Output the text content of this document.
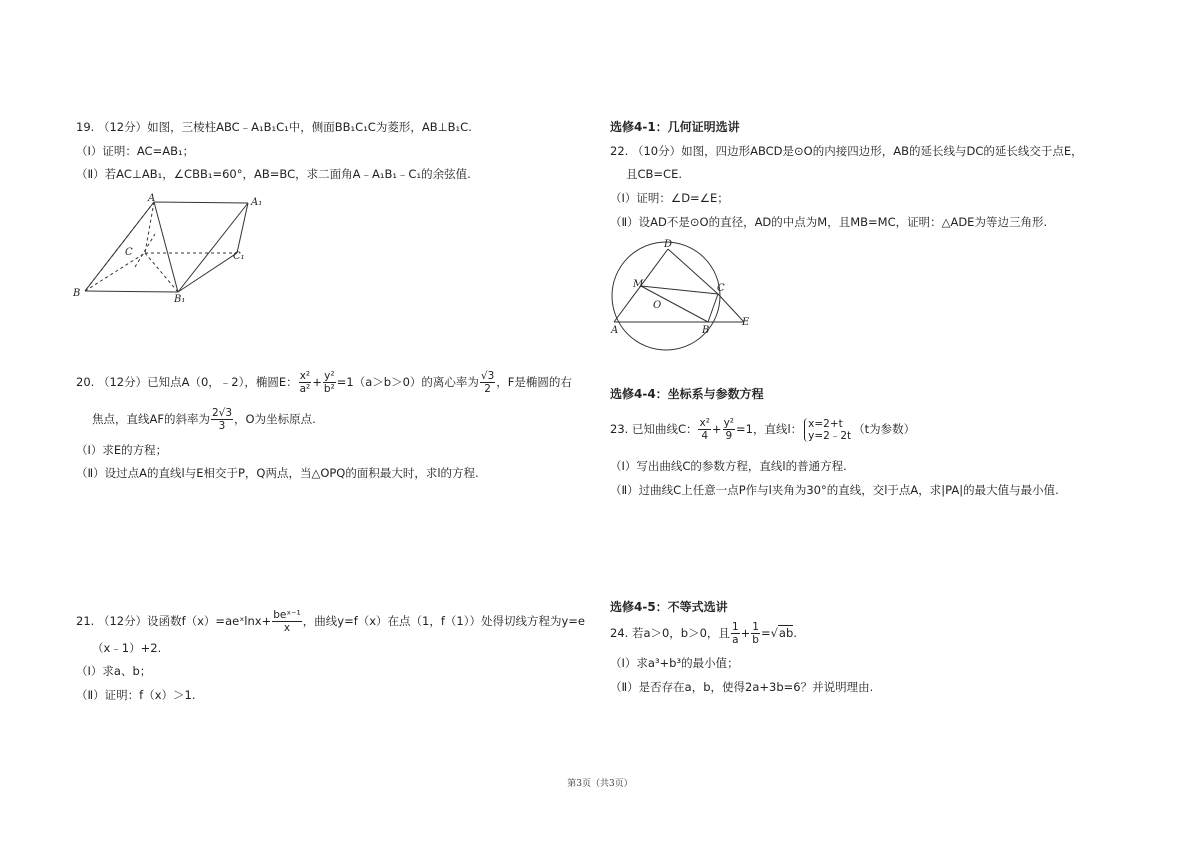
19. （12分）如图，三棱柱ABC﹣A₁B₁C₁中，侧面BB₁C₁C为菱形，AB⊥B₁C.
（Ⅰ）证明：AC=AB₁；
（Ⅱ）若AC⊥AB₁，∠CBB₁=60°，AB=BC，求二面角A﹣A₁B₁﹣C₁的余弦值.
A	A₁
C	C₁
B
B₁
20. （12分）已知点A（0，﹣2），椭圆E： $\frac{\text{x²}}{\text{a²}} + \frac{\text{y²}}{\text{b²}} =1(a>b>0)$的离心率为 $\frac{√3}{2}$ ，F是椭圆的右
焦点，直线AF的斜率为 $\frac{2√3}{3}$ ，O为坐标原点.
（Ⅰ）求E的方程；
（Ⅱ）设过点A的直线l与E相交于P，Q两点，当△OPQ的面积最大时，求l的方程.
21. （12分）设函数f（x）=aeˣlnx+ $\frac{\text{beˣ⁻¹}}{x}$ ，曲线y=f（x）在点（1，f（1））处得切线方程为y=e
（x﹣1）+2.
（Ⅰ）求a、b；
（Ⅱ）证明：f（x）＞1.
选修4-1：几何证明选讲
22. （10分）如图，四边形ABCD是⊙O的内接四边形，AB的延长线与DC的延长线交于点E，
且CB=CE.
（Ⅰ）证明：∠D=∠E；
（Ⅱ）设AD不是⊙O的直径，AD的中点为M，且MB=MC，证明：△ADE为等边三角形.
D
M
O
C
A	B
E
选修4-4：坐标系与参数方程
23. 已知曲线C： $\frac{\text{x²}}{4} + \frac{\text{y²}}{9} =1$，直线l： x=2+t
y=2﹣2t （t为参数）
（Ⅰ）写出曲线C的参数方程，直线l的普通方程.
（Ⅱ）过曲线C上任意一点P作与l夹角为30°的直线，交l于点A，求|PA|的最大值与最小值.
选修4-5：不等式选讲
24. 若a＞0，b＞0，且 $\frac{1}{a} + \frac{1}{b} =√ab$.
（Ⅰ）求a³+b³的最小值；
（Ⅱ）是否存在a，b，使得2a+3b=6？并说明理由.
第3页（共3页）
